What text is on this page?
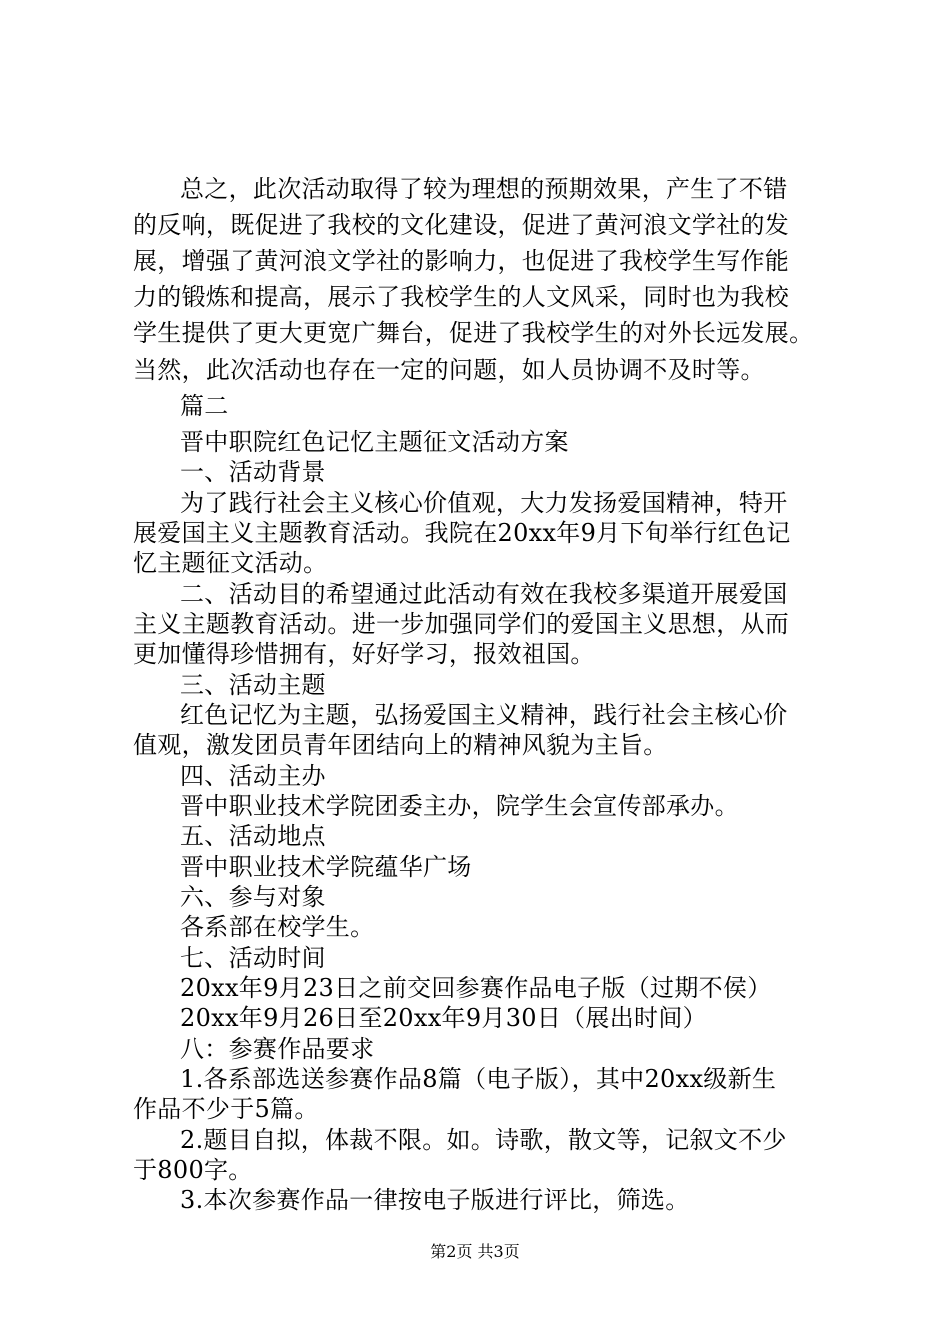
总之，此次活动取得了较为理想的预期效果，产生了不错
的反响，既促进了我校的文化建设，促进了黄河浪文学社的发
展，增强了黄河浪文学社的影响力，也促进了我校学生写作能
力的锻炼和提高，展示了我校学生的人文风采，同时也为我校
学生提供了更大更宽广舞台，促进了我校学生的对外长远发展。
当然，此次活动也存在一定的问题，如人员协调不及时等。
篇二
晋中职院红色记忆主题征文活动方案
一、活动背景
为了践行社会主义核心价值观，大力发扬爱国精神，特开
展爱国主义主题教育活动。我院在20xx年9月下旬举行红色记
忆主题征文活动。
二、活动目的希望通过此活动有效在我校多渠道开展爱国
主义主题教育活动。进一步加强同学们的爱国主义思想，从而
更加懂得珍惜拥有，好好学习，报效祖国。
三、活动主题
红色记忆为主题，弘扬爱国主义精神，践行社会主核心价
值观，激发团员青年团结向上的精神风貌为主旨。
四、活动主办
晋中职业技术学院团委主办，院学生会宣传部承办。
五、活动地点
晋中职业技术学院蕴华广场
六、参与对象
各系部在校学生。
七、活动时间
20xx年9月23日之前交回参赛作品电子版（过期不侯）
20xx年9月26日至20xx年9月30日（展出时间）
八：参赛作品要求
1.各系部选送参赛作品8篇（电子版），其中20xx级新生
作品不少于5篇。
2.题目自拟，体裁不限。如。诗歌，散文等，记叙文不少
于800字。
3.本次参赛作品一律按电子版进行评比，筛选。
第2页 共3页
